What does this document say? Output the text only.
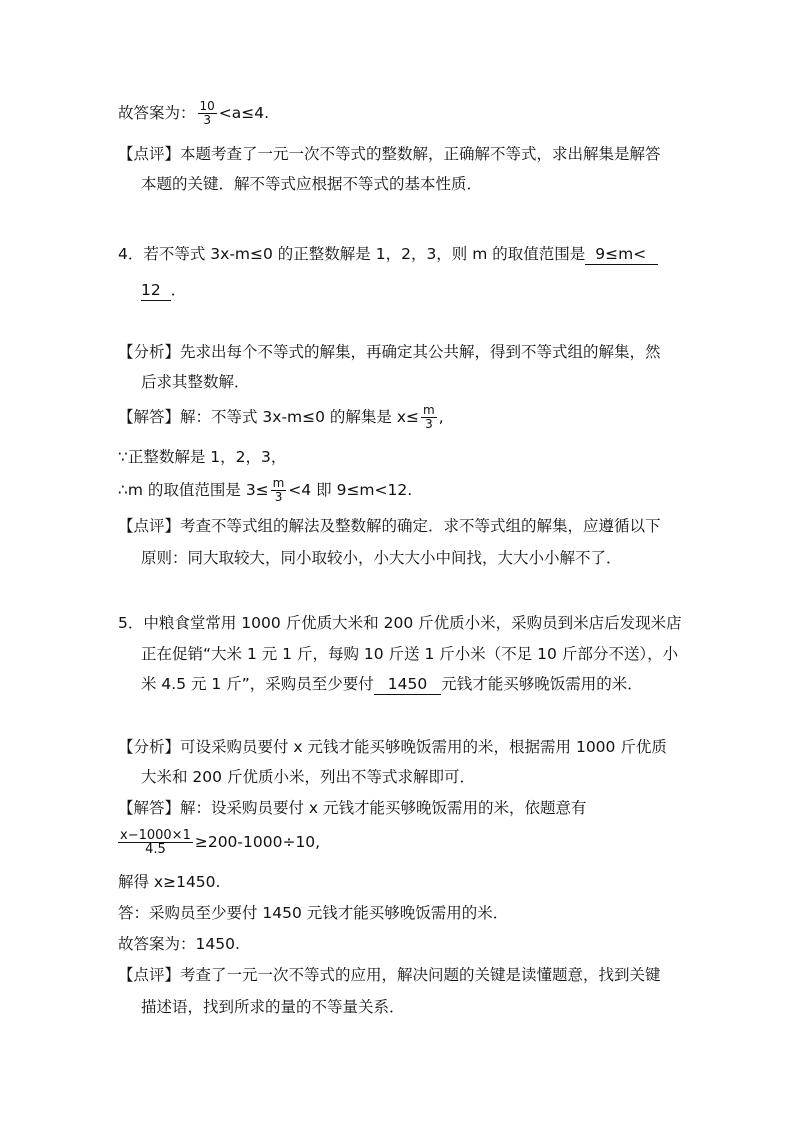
故答案为： $\frac{10}{3} <a\le 4$.
【点评】本题考查了一元一次不等式的整数解，正确解不等式，求出解集是解答
本题的关键．解不等式应根据不等式的基本性质．
4．若不等式 3x-m≤0 的正整数解是 1，2，3，则 m 的取值范围是 9≤m<
12 ．
【分析】先求出每个不等式的解集，再确定其公共解，得到不等式组的解集，然
后求其整数解．
【解答】解：不等式 3x-m≤0 的解集是 $x\le \frac{m}{3}$ ,
∵正整数解是 1，2，3，
∴m 的取值范围是 $3\le \frac{m}{3} <4$ 即 9≤m<12.
【点评】考查不等式组的解法及整数解的确定．求不等式组的解集，应遵循以下
原则：同大取较大，同小取较小，小大大小中间找，大大小小解不了．
5．中粮食堂常用 1000 斤优质大米和 200 斤优质小米，采购员到米店后发现米店
正在促销“大米 1 元 1 斤，每购 10 斤送 1 斤小米（不足 10 斤部分不送），小
米 4.5 元 1 斤”，采购员至少要付 1450 元钱才能买够晚饭需用的米．
【分析】可设采购员要付 x 元钱才能买够晚饭需用的米，根据需用 1000 斤优质
大米和 200 斤优质小米，列出不等式求解即可．
【解答】解：设采购员要付 x 元钱才能买够晚饭需用的米，依题意有
$\frac{x-1000\times 1}{4.5} \ge 200-1000\div 10$,
解得 x≥1450.
答：采购员至少要付 1450 元钱才能买够晚饭需用的米．
故答案为：1450.
【点评】考查了一元一次不等式的应用，解决问题的关键是读懂题意，找到关键
描述语，找到所求的量的不等量关系．
